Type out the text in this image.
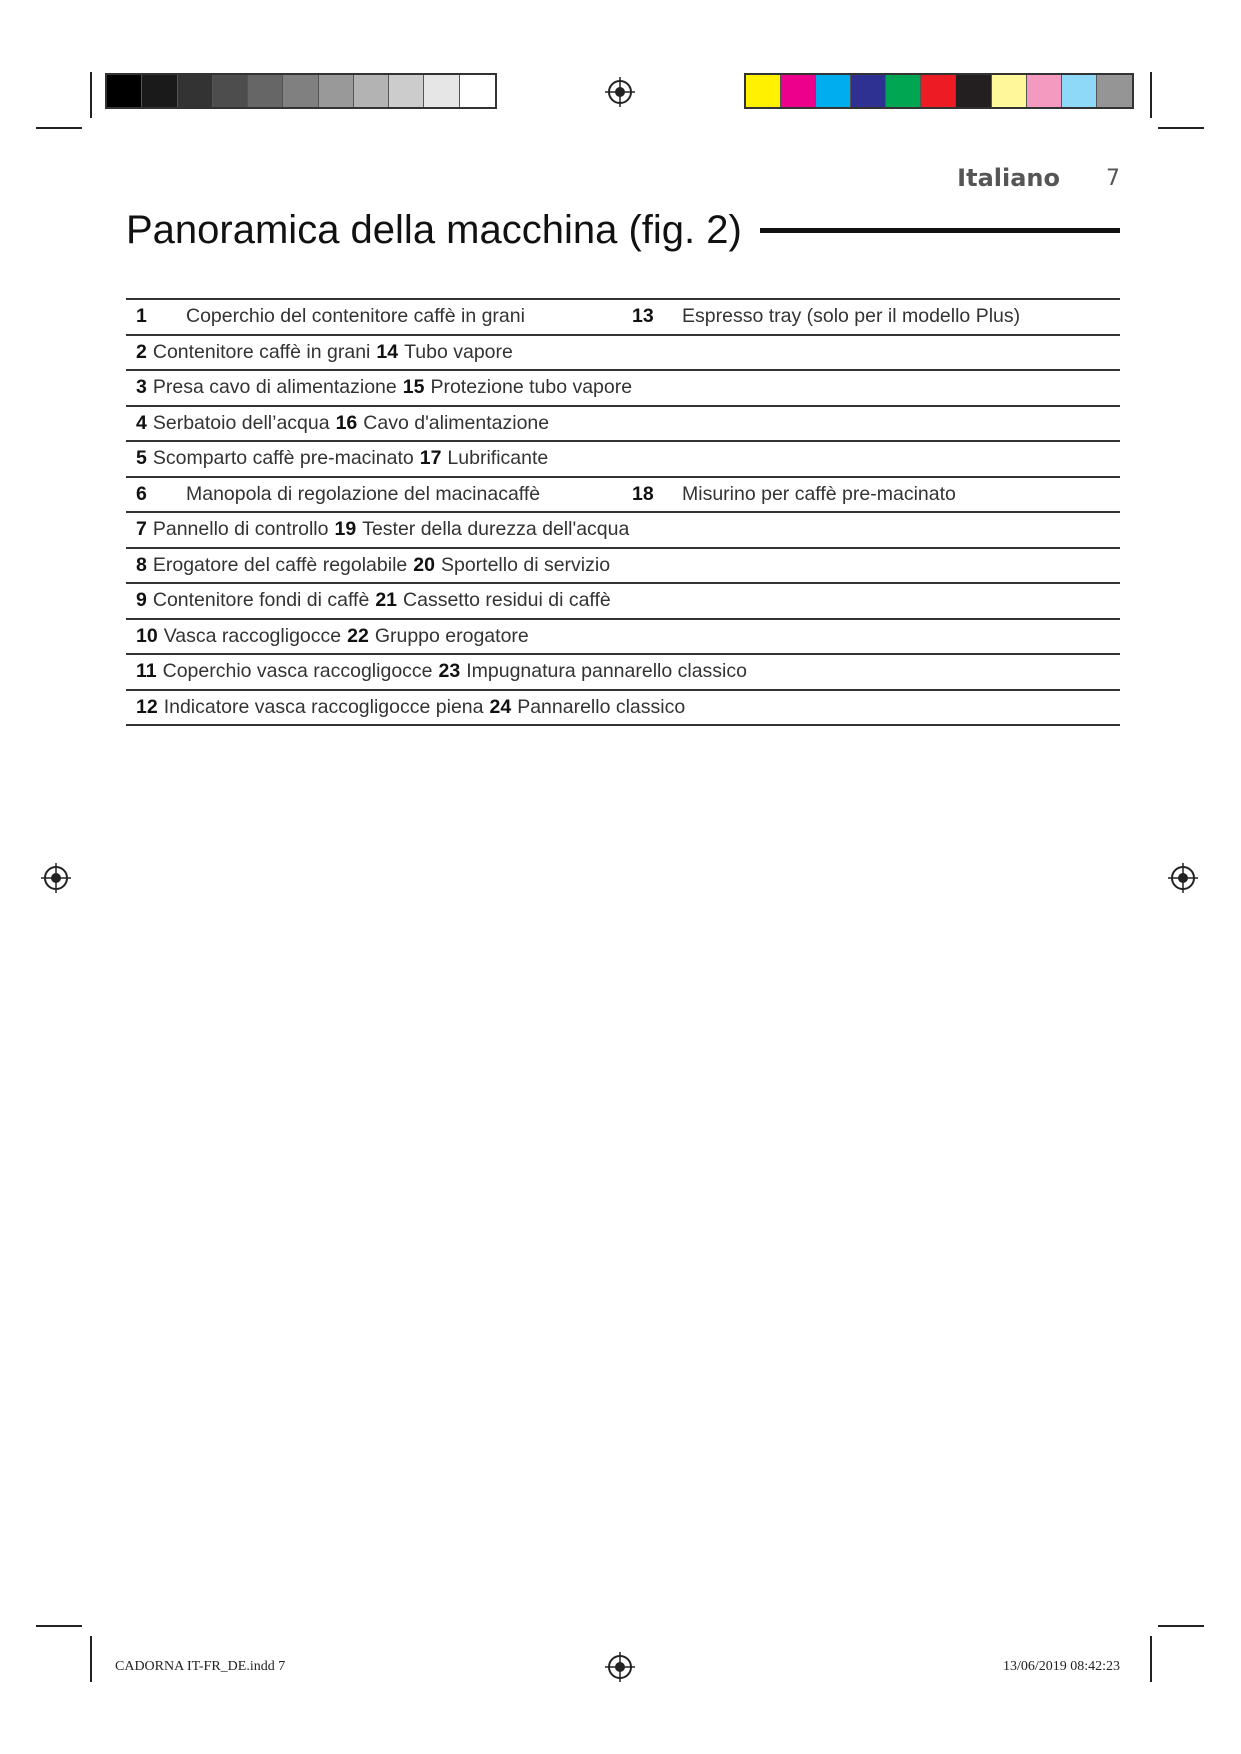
Italiano	7
Panoramica della macchina (fig. 2)
1	Coperchio del contenitore caffè in grani	13	Espresso tray (solo per il modello Plus)
2 Contenitore caffè in grani 14 Tubo vapore
3 Presa cavo di alimentazione 15 Protezione tubo vapore
4 Serbatoio dell’acqua 16 Cavo d'alimentazione
5 Scomparto caffè pre-macinato 17 Lubrificante
6	Manopola di regolazione del macinacaffè	18	Misurino per caffè pre-macinato
7 Pannello di controllo 19 Tester della durezza dell'acqua
8 Erogatore del caffè regolabile 20 Sportello di servizio
9 Contenitore fondi di caffè 21 Cassetto residui di caffè
10 Vasca raccogligocce 22 Gruppo erogatore
11 Coperchio vasca raccogligocce 23 Impugnatura pannarello classico
12 Indicatore vasca raccogligocce piena 24 Pannarello classico
CADORNA IT-FR_DE.indd 7	13/06/2019 08:42:23
